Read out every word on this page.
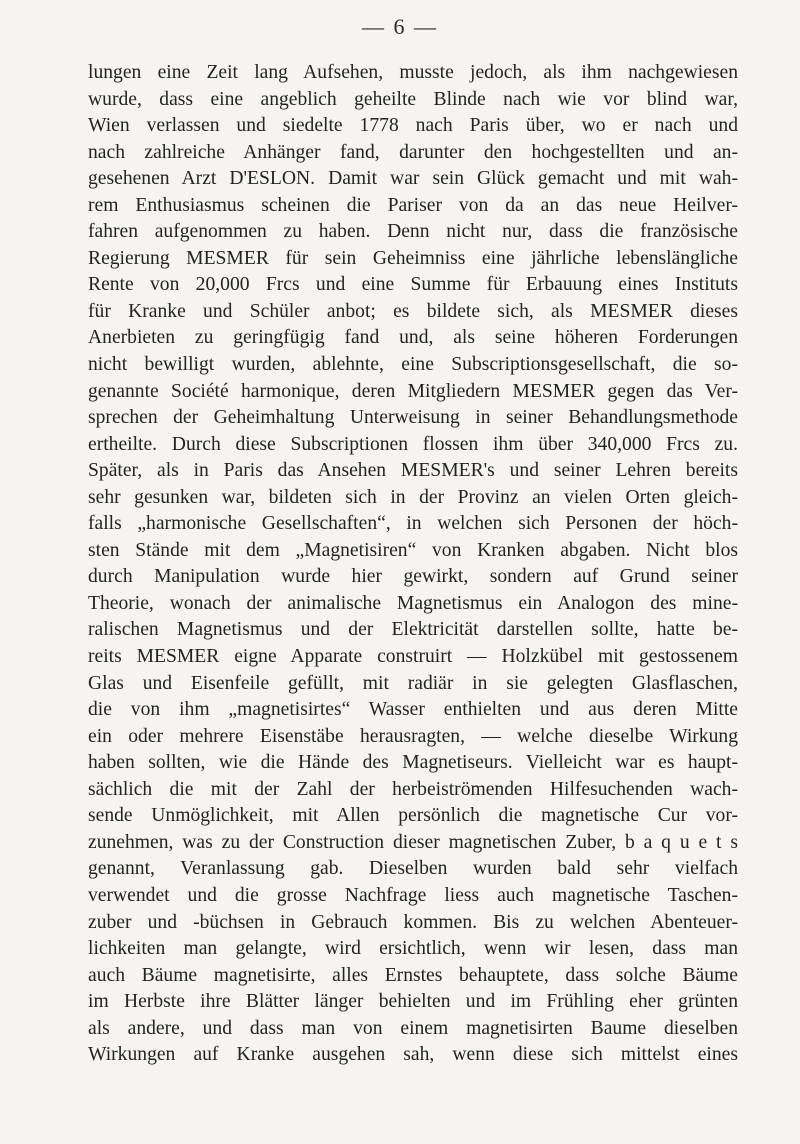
— 6 —
lungen eine Zeit lang Aufsehen, musste jedoch, als ihm nachgewiesen
wurde, dass eine angeblich geheilte Blinde nach wie vor blind war,
Wien verlassen und siedelte 1778 nach Paris über, wo er nach und
nach zahlreiche Anhänger fand, darunter den hochgestellten und an-
gesehenen Arzt D'ESLON. Damit war sein Glück gemacht und mit wah-
rem Enthusiasmus scheinen die Pariser von da an das neue Heilver-
fahren aufgenommen zu haben. Denn nicht nur, dass die französische
Regierung MESMER für sein Geheimniss eine jährliche lebenslängliche
Rente von 20,000 Frcs und eine Summe für Erbauung eines Instituts
für Kranke und Schüler anbot; es bildete sich, als MESMER dieses
Anerbieten zu geringfügig fand und, als seine höheren Forderungen
nicht bewilligt wurden, ablehnte, eine Subscriptionsgesellschaft, die so-
genannte Société harmonique, deren Mitgliedern MESMER gegen das Ver-
sprechen der Geheimhaltung Unterweisung in seiner Behandlungsmethode
ertheilte. Durch diese Subscriptionen flossen ihm über 340,000 Frcs zu.
Später, als in Paris das Ansehen MESMER's und seiner Lehren bereits
sehr gesunken war, bildeten sich in der Provinz an vielen Orten gleich-
falls „harmonische Gesellschaften“, in welchen sich Personen der höch-
sten Stände mit dem „Magnetisiren“ von Kranken abgaben. Nicht blos
durch Manipulation wurde hier gewirkt, sondern auf Grund seiner
Theorie, wonach der animalische Magnetismus ein Analogon des mine-
ralischen Magnetismus und der Elektricität darstellen sollte, hatte be-
reits MESMER eigne Apparate construirt — Holzkübel mit gestossenem
Glas und Eisenfeile gefüllt, mit radiär in sie gelegten Glasflaschen,
die von ihm „magnetisirtes“ Wasser enthielten und aus deren Mitte
ein oder mehrere Eisenstäbe herausragten, — welche dieselbe Wirkung
haben sollten, wie die Hände des Magnetiseurs. Vielleicht war es haupt-
sächlich die mit der Zahl der herbeiströmenden Hilfesuchenden wach-
sende Unmöglichkeit, mit Allen persönlich die magnetische Cur vor-
zunehmen, was zu der Construction dieser magnetischen Zuber, b a q u e t s
genannt, Veranlassung gab. Dieselben wurden bald sehr vielfach
verwendet und die grosse Nachfrage liess auch magnetische Taschen-
zuber und -büchsen in Gebrauch kommen. Bis zu welchen Abenteuer-
lichkeiten man gelangte, wird ersichtlich, wenn wir lesen, dass man
auch Bäume magnetisirte, alles Ernstes behauptete, dass solche Bäume
im Herbste ihre Blätter länger behielten und im Frühling eher grünten
als andere, und dass man von einem magnetisirten Baume dieselben
Wirkungen auf Kranke ausgehen sah, wenn diese sich mittelst eines
